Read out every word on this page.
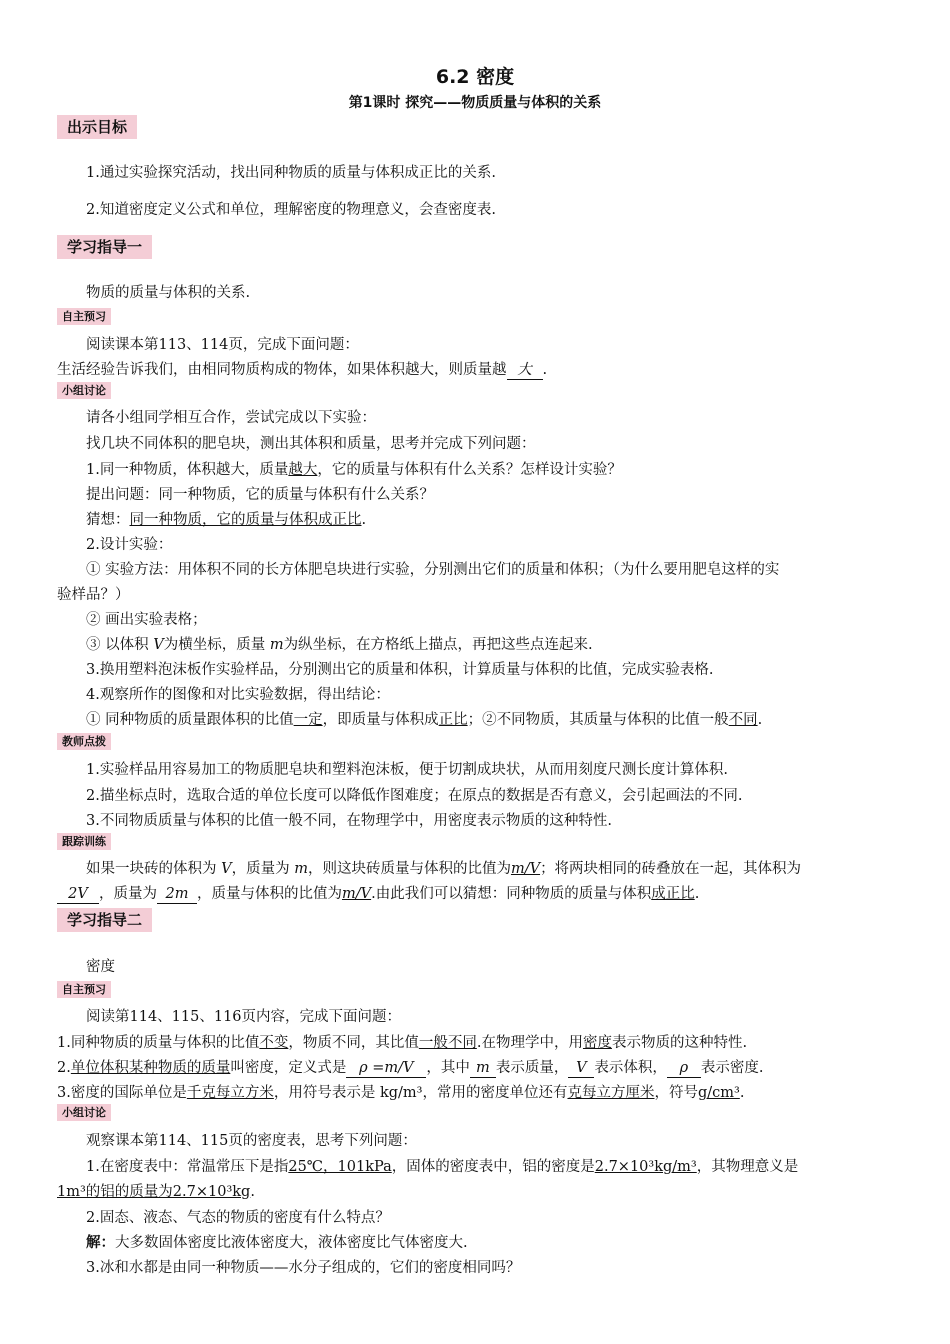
6.2 密度
第1课时 探究——物质质量与体积的关系
出示目标
1.通过实验探究活动，找出同种物质的质量与体积成正比的关系.
2.知道密度定义公式和单位，理解密度的物理意义，会查密度表.
学习指导一
物质的质量与体积的关系.
自主预习
阅读课本第113、114页，完成下面问题：
生活经验告诉我们，由相同物质构成的物体，如果体积越大，则质量越 大 .
小组讨论
请各小组同学相互合作，尝试完成以下实验：
找几块不同体积的肥皂块，测出其体积和质量，思考并完成下列问题：
1.同一种物质，体积越大，质量越大，它的质量与体积有什么关系？怎样设计实验？
提出问题：同一种物质，它的质量与体积有什么关系？
猜想：同一种物质，它的质量与体积成正比.
2.设计实验：
① 实验方法：用体积不同的长方体肥皂块进行实验，分别测出它们的质量和体积；（为什么要用肥皂这样的实
验样品？）
② 画出实验表格；
③ 以体积 V为横坐标，质量 m为纵坐标，在方格纸上描点，再把这些点连起来.
3.换用塑料泡沫板作实验样品，分别测出它的质量和体积，计算质量与体积的比值，完成实验表格.
4.观察所作的图像和对比实验数据，得出结论：
① 同种物质的质量跟体积的比值一定，即质量与体积成正比；②不同物质，其质量与体积的比值一般不同.
教师点拨
1.实验样品用容易加工的物质肥皂块和塑料泡沫板，便于切割成块状，从而用刻度尺测长度计算体积.
2.描坐标点时，选取合适的单位长度可以降低作图难度；在原点的数据是否有意义，会引起画法的不同.
3.不同物质质量与体积的比值一般不同，在物理学中，用密度表示物质的这种特性.
跟踪训练
如果一块砖的体积为 V，质量为 m，则这块砖质量与体积的比值为m/V；将两块相同的砖叠放在一起，其体积为
2V ，质量为 2m ，质量与体积的比值为m/V.由此我们可以猜想：同种物质的质量与体积成正比.
学习指导二
密度
自主预习
阅读第114、115、116页内容，完成下面问题：
1.同种物质的质量与体积的比值不变，物质不同，其比值一般不同.在物理学中，用密度表示物质的这种特性.
2.单位体积某种物质的质量叫密度，定义式是 ρ =m/V ，其中 m 表示质量， V 表示体积， ρ 表示密度.
3.密度的国际单位是千克每立方米，用符号表示是 kg/m³，常用的密度单位还有克每立方厘米，符号g/cm³.
小组讨论
观察课本第114、115页的密度表，思考下列问题：
1.在密度表中：常温常压下是指25℃，101kPa，固体的密度表中，铝的密度是2.7×10³kg/m³，其物理意义是
1m³的铝的质量为2.7×10³kg.
2.固态、液态、气态的物质的密度有什么特点？
解：大多数固体密度比液体密度大，液体密度比气体密度大.
3.冰和水都是由同一种物质——水分子组成的，它们的密度相同吗？
